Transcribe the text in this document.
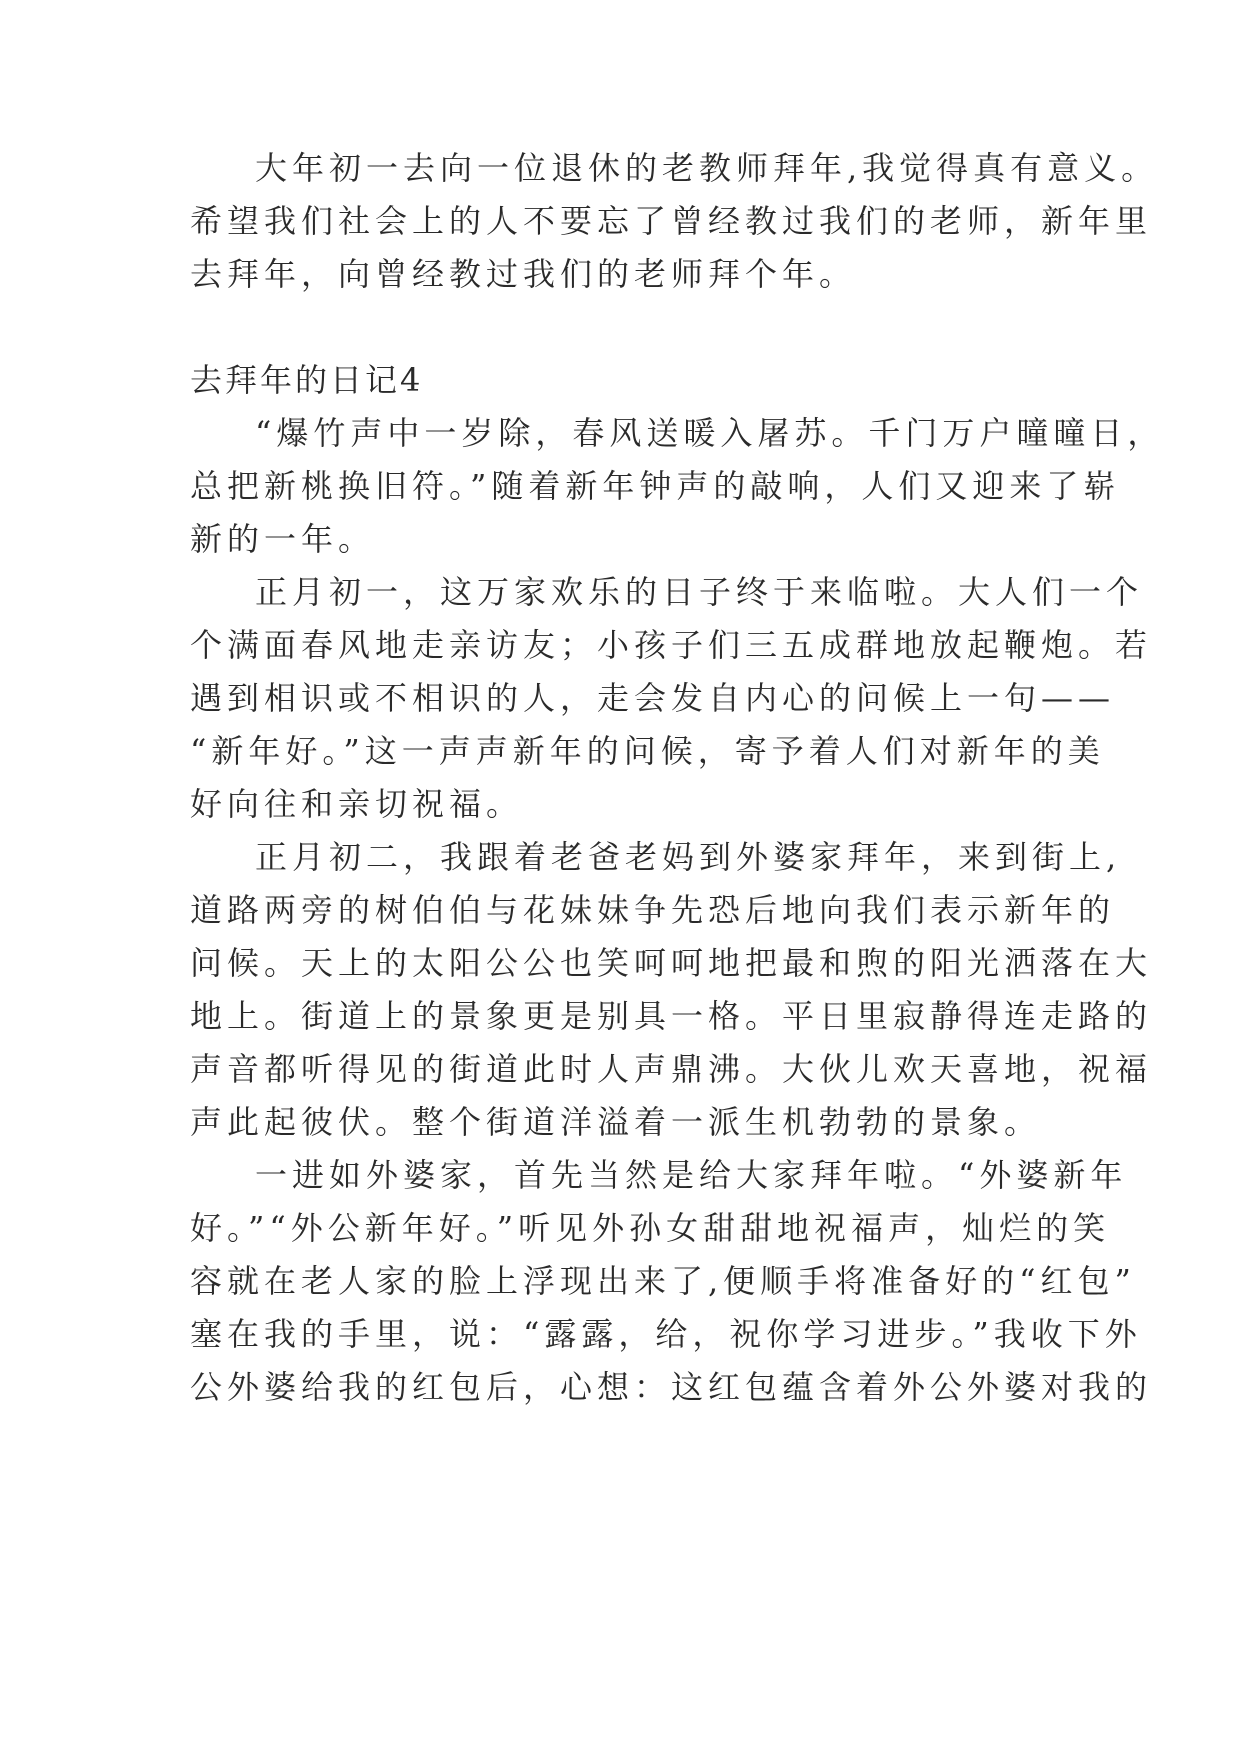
大年初一去向一位退休的老教师拜年,我觉得真有意义。
希望我们社会上的人不要忘了曾经教过我们的老师，新年里
去拜年，向曾经教过我们的老师拜个年。
去拜年的日记4
“爆竹声中一岁除，春风送暖入屠苏。千门万户曈曈日，
总把新桃换旧符。”随着新年钟声的敲响，人们又迎来了崭
新的一年。
正月初一，这万家欢乐的日子终于来临啦。大人们一个
个满面春风地走亲访友；小孩子们三五成群地放起鞭炮。若
遇到相识或不相识的人，走会发自内心的问候上一句——
“新年好。”这一声声新年的问候，寄予着人们对新年的美
好向往和亲切祝福。
正月初二，我跟着老爸老妈到外婆家拜年，来到街上,
道路两旁的树伯伯与花妹妹争先恐后地向我们表示新年的
问候。天上的太阳公公也笑呵呵地把最和煦的阳光洒落在大
地上。街道上的景象更是别具一格。平日里寂静得连走路的
声音都听得见的街道此时人声鼎沸。大伙儿欢天喜地，祝福
声此起彼伏。整个街道洋溢着一派生机勃勃的景象。
一进如外婆家，首先当然是给大家拜年啦。“外婆新年
好。”“外公新年好。”听见外孙女甜甜地祝福声，灿烂的笑
容就在老人家的脸上浮现出来了,便顺手将准备好的“红包”
塞在我的手里，说：“露露，给，祝你学习进步。”我收下外
公外婆给我的红包后，心想：这红包蕴含着外公外婆对我的
